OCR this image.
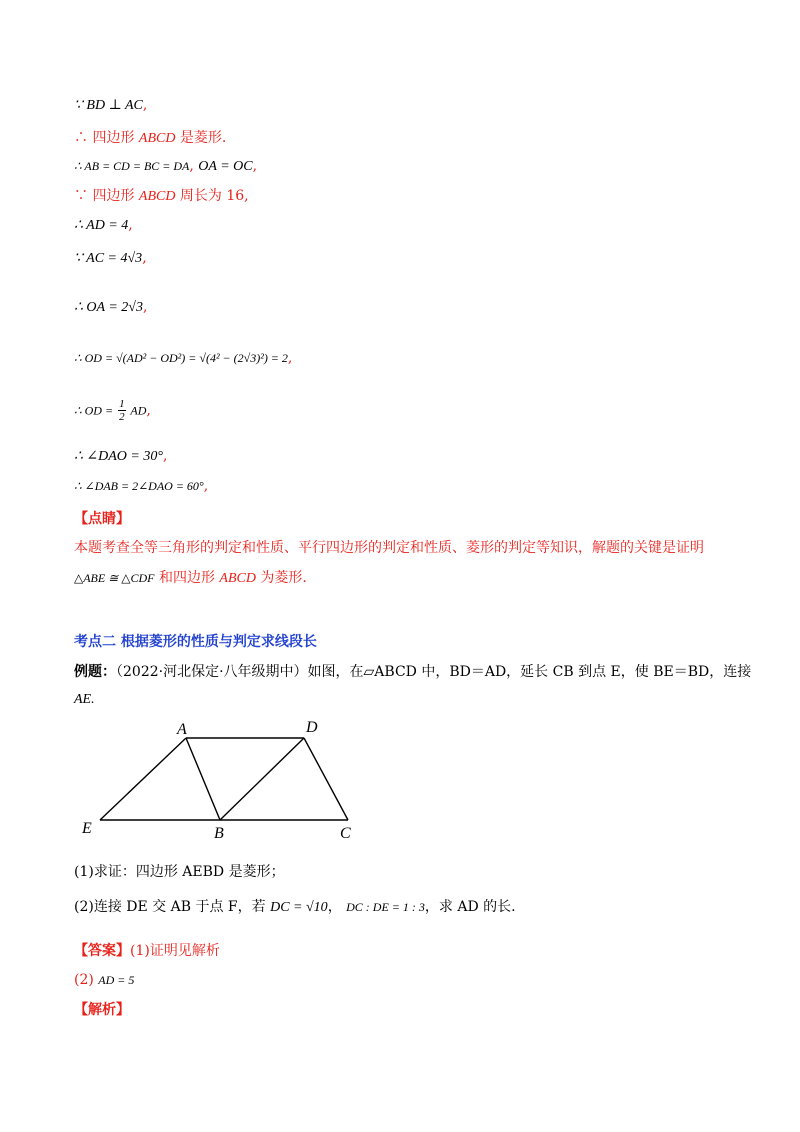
∵ BD ⊥ AC,
∴ 四边形 ABCD 是菱形.
∴ AB = CD = BC = DA, OA = OC,
∵ 四边形 ABCD 周长为 16,
∴ AD = 4,
∵ AC = 4√3,
∴ OA = 2√3,
∴ OD = √(AD² − OD²) = √(4² − (2√3)²) = 2,
∴ OD = $\frac{1}{2}$ AD,
∴ ∠DAO = 30°,
∴ ∠DAB = 2∠DAO = 60°,
【点睛】
本题考查全等三角形的判定和性质、平行四边形的判定和性质、菱形的判定等知识，解题的关键是证明
△ABE ≅ △CDF 和四边形 ABCD 为菱形.
考点二 根据菱形的性质与判定求线段长
例题：（2022·河北保定·八年级期中）如图，在▱ABCD 中，BD＝AD，延长 CB 到点 E，使 BE＝BD，连接
AE.
A	D
E	B	C
(1)求证：四边形 AEBD 是菱形；
(2)连接 DE 交 AB 于点 F，若 DC = √10， DC : DE = 1 : 3，求 AD 的长.
【答案】(1)证明见解析
(2) AD = 5
【解析】
